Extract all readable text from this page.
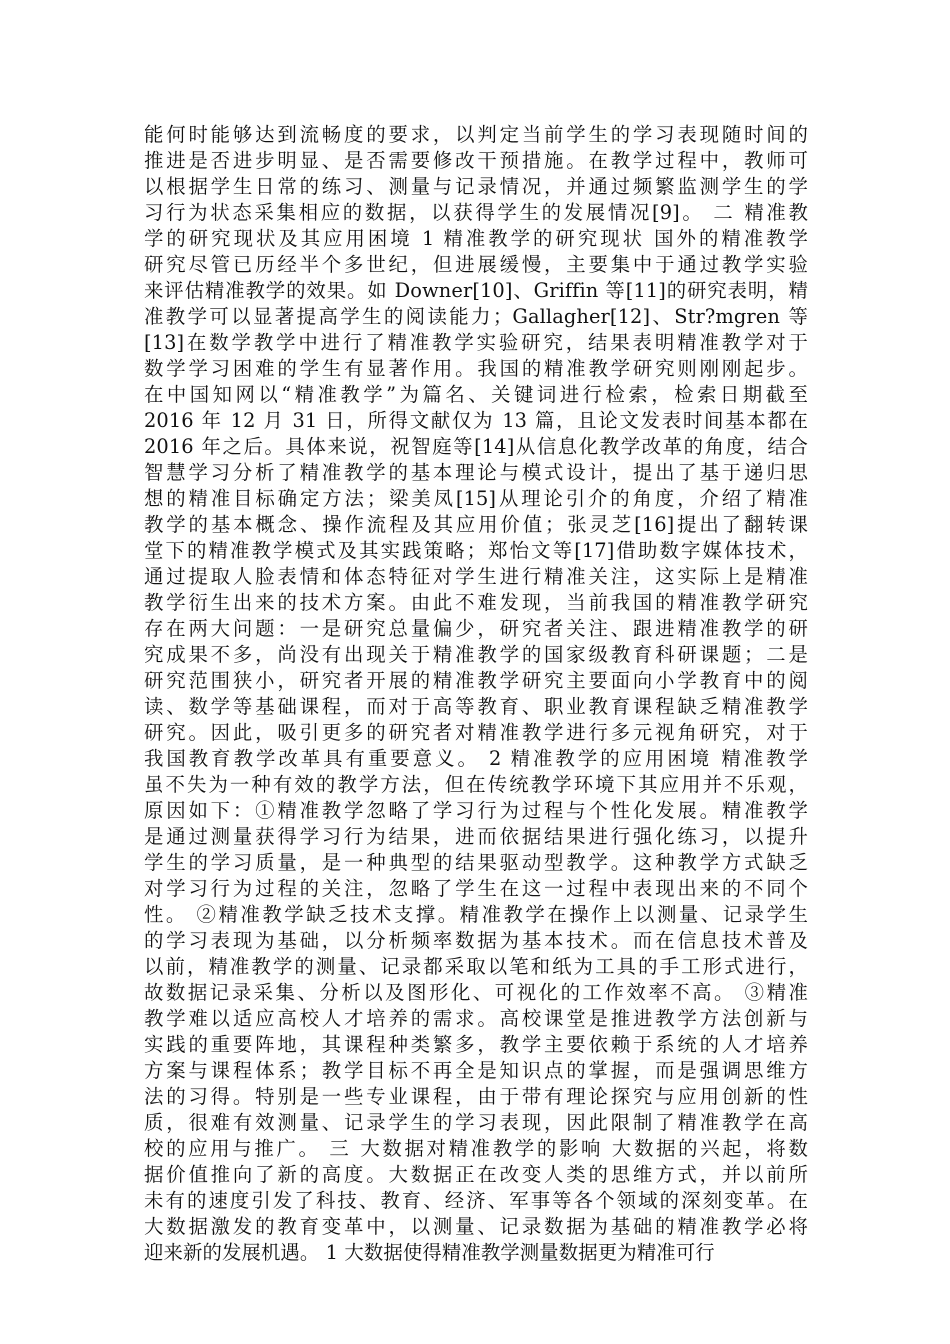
能何时能够达到流畅度的要求，以判定当前学生的学习表现随时间的
推进是否进步明显、是否需要修改干预措施。在教学过程中，教师可
以根据学生日常的练习、测量与记录情况，并通过频繁监测学生的学
习行为状态采集相应的数据，以获得学生的发展情况[9]。 二 精准教
学的研究现状及其应用困境 1 精准教学的研究现状 国外的精准教学
研究尽管已历经半个多世纪，但进展缓慢，主要集中于通过教学实验
来评估精准教学的效果。如 Downer[10]、Griffin 等[11]的研究表明，精
准教学可以显著提高学生的阅读能力；Gallagher[12]、Str?mgren 等
[13]在数学教学中进行了精准教学实验研究，结果表明精准教学对于
数学学习困难的学生有显著作用。我国的精准教学研究则刚刚起步。
在中国知网以“精准教学”为篇名、关键词进行检索，检索日期截至
2016 年 12 月 31 日，所得文献仅为 13 篇，且论文发表时间基本都在
2016 年之后。具体来说，祝智庭等[14]从信息化教学改革的角度，结合
智慧学习分析了精准教学的基本理论与模式设计，提出了基于递归思
想的精准目标确定方法；梁美凤[15]从理论引介的角度，介绍了精准
教学的基本概念、操作流程及其应用价值；张灵芝[16]提出了翻转课
堂下的精准教学模式及其实践策略；郑怡文等[17]借助数字媒体技术，
通过提取人脸表情和体态特征对学生进行精准关注，这实际上是精准
教学衍生出来的技术方案。由此不难发现，当前我国的精准教学研究
存在两大问题：一是研究总量偏少，研究者关注、跟进精准教学的研
究成果不多，尚没有出现关于精准教学的国家级教育科研课题；二是
研究范围狭小，研究者开展的精准教学研究主要面向小学教育中的阅
读、数学等基础课程，而对于高等教育、职业教育课程缺乏精准教学
研究。因此，吸引更多的研究者对精准教学进行多元视角研究，对于
我国教育教学改革具有重要意义。 2 精准教学的应用困境 精准教学
虽不失为一种有效的教学方法，但在传统教学环境下其应用并不乐观，
原因如下：①精准教学忽略了学习行为过程与个性化发展。精准教学
是通过测量获得学习行为结果，进而依据结果进行强化练习，以提升
学生的学习质量，是一种典型的结果驱动型教学。这种教学方式缺乏
对学习行为过程的关注，忽略了学生在这一过程中表现出来的不同个
性。 ②精准教学缺乏技术支撑。精准教学在操作上以测量、记录学生
的学习表现为基础，以分析频率数据为基本技术。而在信息技术普及
以前，精准教学的测量、记录都采取以笔和纸为工具的手工形式进行，
故数据记录采集、分析以及图形化、可视化的工作效率不高。 ③精准
教学难以适应高校人才培养的需求。高校课堂是推进教学方法创新与
实践的重要阵地，其课程种类繁多，教学主要依赖于系统的人才培养
方案与课程体系；教学目标不再全是知识点的掌握，而是强调思维方
法的习得。特别是一些专业课程，由于带有理论探究与应用创新的性
质，很难有效测量、记录学生的学习表现，因此限制了精准教学在高
校的应用与推广。 三 大数据对精准教学的影响 大数据的兴起，将数
据价值推向了新的高度。大数据正在改变人类的思维方式，并以前所
未有的速度引发了科技、教育、经济、军事等各个领域的深刻变革。在
大数据激发的教育变革中，以测量、记录数据为基础的精准教学必将
迎来新的发展机遇。 1 大数据使得精准教学测量数据更为精准可行
